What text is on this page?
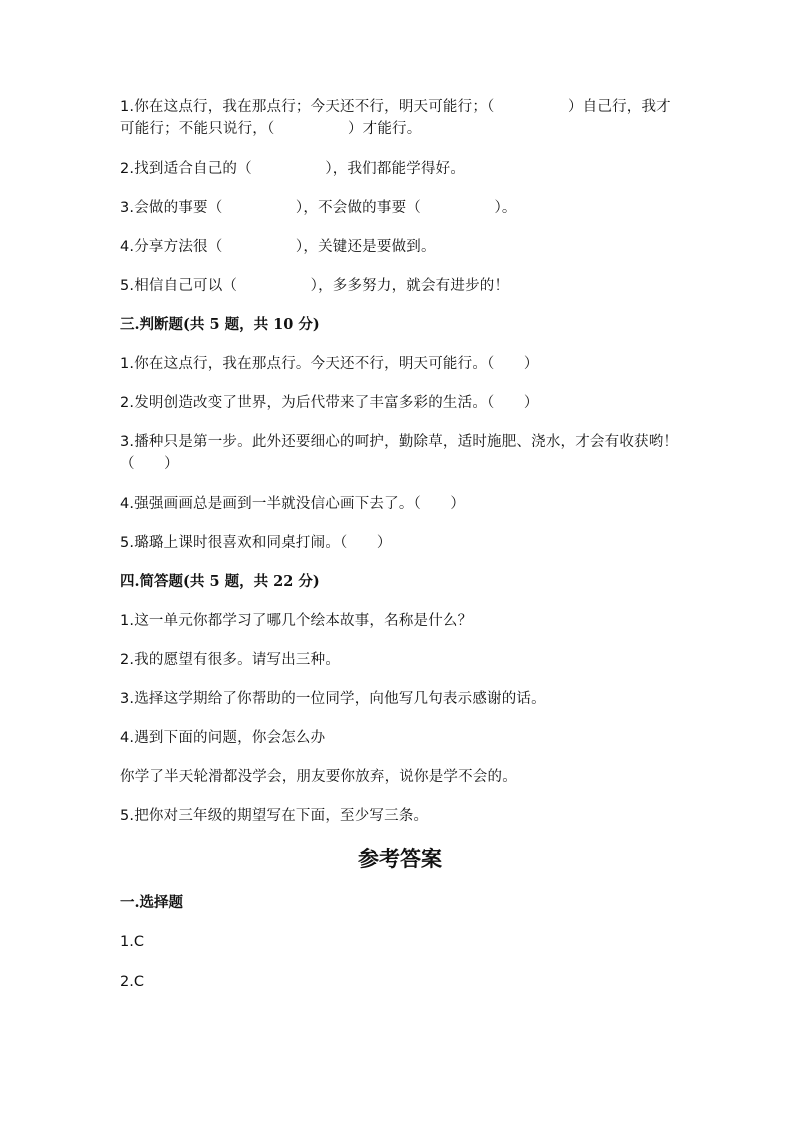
1.你在这点行，我在那点行；今天还不行，明天可能行；（　　　　　）自己行，我才可能行；不能只说行，（　　　　　）才能行。
2.找到适合自己的（　　　　　），我们都能学得好。
3.会做的事要（　　　　　），不会做的事要（　　　　　）。
4.分享方法很（　　　　　），关键还是要做到。
5.相信自己可以（　　　　　），多多努力，就会有进步的！
三.判断题(共 5 题，共 10 分)
1.你在这点行，我在那点行。今天还不行，明天可能行。（　　）
2.发明创造改变了世界，为后代带来了丰富多彩的生活。（　　）
3.播种只是第一步。此外还要细心的呵护，勤除草，适时施肥、浇水，才会有收获哟！（　　）
4.强强画画总是画到一半就没信心画下去了。（　　）
5.璐璐上课时很喜欢和同桌打闹。（　　）
四.简答题(共 5 题，共 22 分)
1.这一单元你都学习了哪几个绘本故事，名称是什么？
2.我的愿望有很多。请写出三种。
3.选择这学期给了你帮助的一位同学，向他写几句表示感谢的话。
4.遇到下面的问题，你会怎么办
你学了半天轮滑都没学会，朋友要你放弃，说你是学不会的。
5.把你对三年级的期望写在下面，至少写三条。
参考答案
一.选择题
1.C
2.C
